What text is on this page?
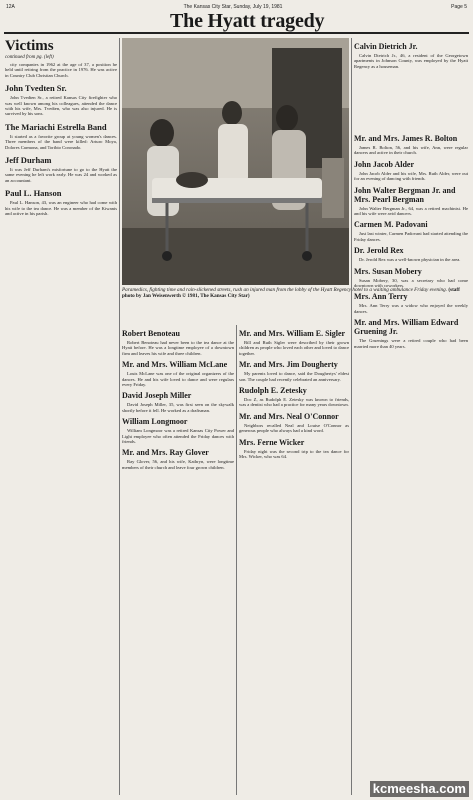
12A	The Kansas City Star, Sunday, July 19, 1981	Page 5
The Hyatt tragedy
Victims
continued from pg. (left)

city companies in 1962 at the age of 37, a position he held until retiring from the practice in 1976. He was active in Country Club Christian Church.

John Tvedten Sr.

John Tvedten Sr., a retired Kansas City firefighter who was well known among his colleagues, attended the dance with his wife, Mrs. Tvedten, who was also injured. He is survived by his sons.

The Mariachi Estrella Band

It started as a favorite group at young women's dances. Three members of the band were killed: Arturo Moya, Dolores Carmona, and Toribio Coronado.

Jeff Durham

It was Jeff Durham's misfortune to go to the Hyatt the same evening he left work early. He was 24 and worked as an accountant.

Paul L. Hanson

Paul L. Hanson, 43, was an engineer who had come with his wife to the tea dance. He was a member of the Kiwanis and active in his parish.

Paramedics, fighting time and rain-slickened streets, rush an injured man from the lobby of the Hyatt Regency hotel to a waiting ambulance Friday evening. (staff photo by Jan Weisenwerth © 1981, The Kansas City Star)
Calvin Dietrich Jr.

Calvin Dietrich Jr., 46, a resident of the Georgetown apartments in Johnson County, was employed by the Hyatt Regency as a houseman.

Robert Benoteau

Robert Benoteau had never been to the tea dance at the Hyatt before. He was a longtime employee of a downtown firm and leaves his wife and three children.

Mr. and Mrs. William McLane

Louis McLane was one of the original organizers of the dances. He and his wife loved to dance and were regulars every Friday.

David Joseph Miller

David Joseph Miller, 35, was first seen on the skywalk shortly before it fell. He worked as a draftsman.

William Longmoor

William Longmoor was a retired Kansas City Power and Light employee who often attended the Friday dances with friends.

Mr. and Mrs. Ray Glover

Ray Glover, 56, and his wife, Kathryn, were longtime members of their church and leave four grown children.

Mr. and Mrs. William E. Sigler

Bill and Ruth Sigler were described by their grown children as people who loved each other and loved to dance together.

Mr. and Mrs. Jim Dougherty

My parents loved to dance, said the Doughertys' eldest son. The couple had recently celebrated an anniversary.

Rudolph E. Zetesky

Doc Z, as Rudolph E. Zetesky was known to friends, was a dentist who had a practice for many years downtown.

Mr. and Mrs. Neal O'Connor

Neighbors recalled Neal and Louise O'Connor as generous people who always had a kind word.

Mrs. Ferne Wicker

Friday night was the second trip to the tea dance for Mrs. Wicker, who was 64.

Mr. and Mrs. James R. Bolton

James R. Bolton, 56, and his wife, Ann, were regular dancers and active in their church.

John Jacob Alder

John Jacob Alder and his wife, Mrs. Ruth Alder, were out for an evening of dancing with friends.

John Walter Bergman Jr. and Mrs. Pearl Bergman

John Walter Bergman Jr., 64, was a retired machinist. He and his wife were avid dancers.

Carmen M. Padovani

Just last winter, Carmen Padovani had started attending the Friday dances.

Dr. Jerold Rex

Dr. Jerold Rex was a well-known physician in the area.

Mrs. Susan Mobery

Susan Mobery, 30, was a secretary who had come downtown with coworkers.

Mrs. Ann Terry

Mrs. Ann Terry was a widow who enjoyed the weekly dances.

Mr. and Mrs. William Edward Gruening Jr.

The Gruenings were a retired couple who had been married more than 40 years.

kcmeesha.com
